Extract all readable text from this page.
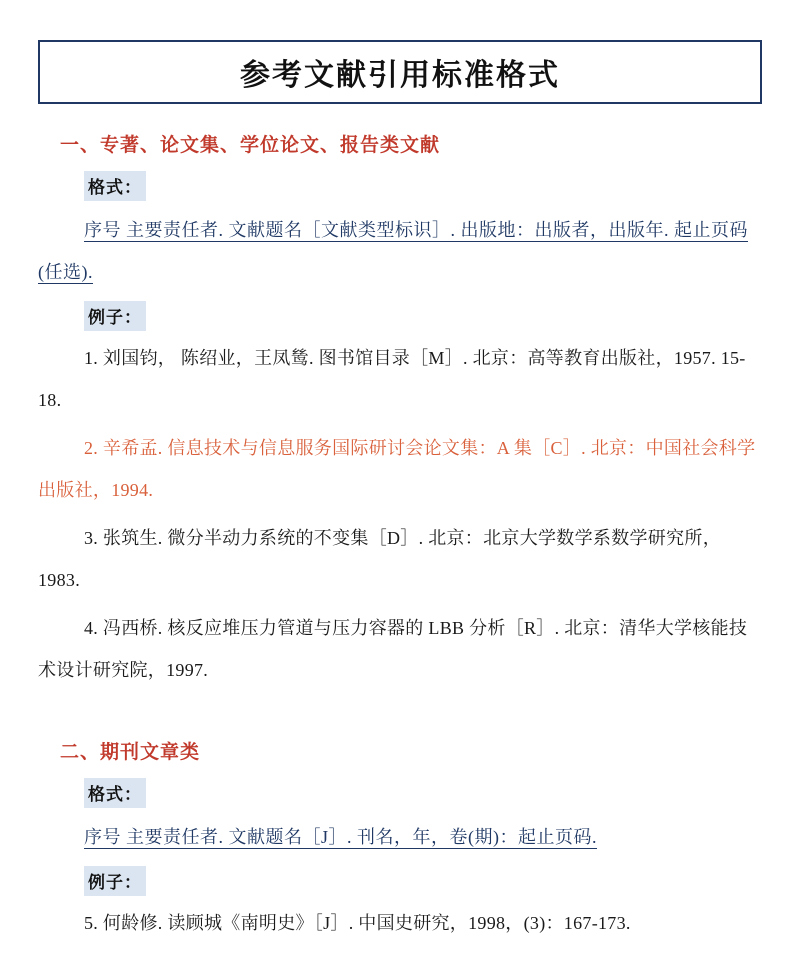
参考文献引用标准格式
一、专著、论文集、学位论文、报告类文献
格式：

序号 主要责任者. 文献题名［文献类型标识］. 出版地：出版者，出版年. 起止页码(任选).

例子：

1. 刘国钧， 陈绍业，王凤鸶. 图书馆目录［M］. 北京：高等教育出版社，1957. 15-18.

2. 辛希孟. 信息技术与信息服务国际研讨会论文集：A 集［C］. 北京：中国社会科学出版社，1994.

3. 张筑生. 微分半动力系统的不变集［D］. 北京：北京大学数学系数学研究所，1983.

4. 冯西桥. 核反应堆压力管道与压力容器的 LBB 分析［R］. 北京：清华大学核能技术设计研究院，1997.

二、期刊文章类
格式：

序号 主要责任者. 文献题名［J］. 刊名，年，卷(期)：起止页码.

例子：

5. 何龄修. 读顾城《南明史》［J］. 中国史研究，1998，(3)：167-173.
